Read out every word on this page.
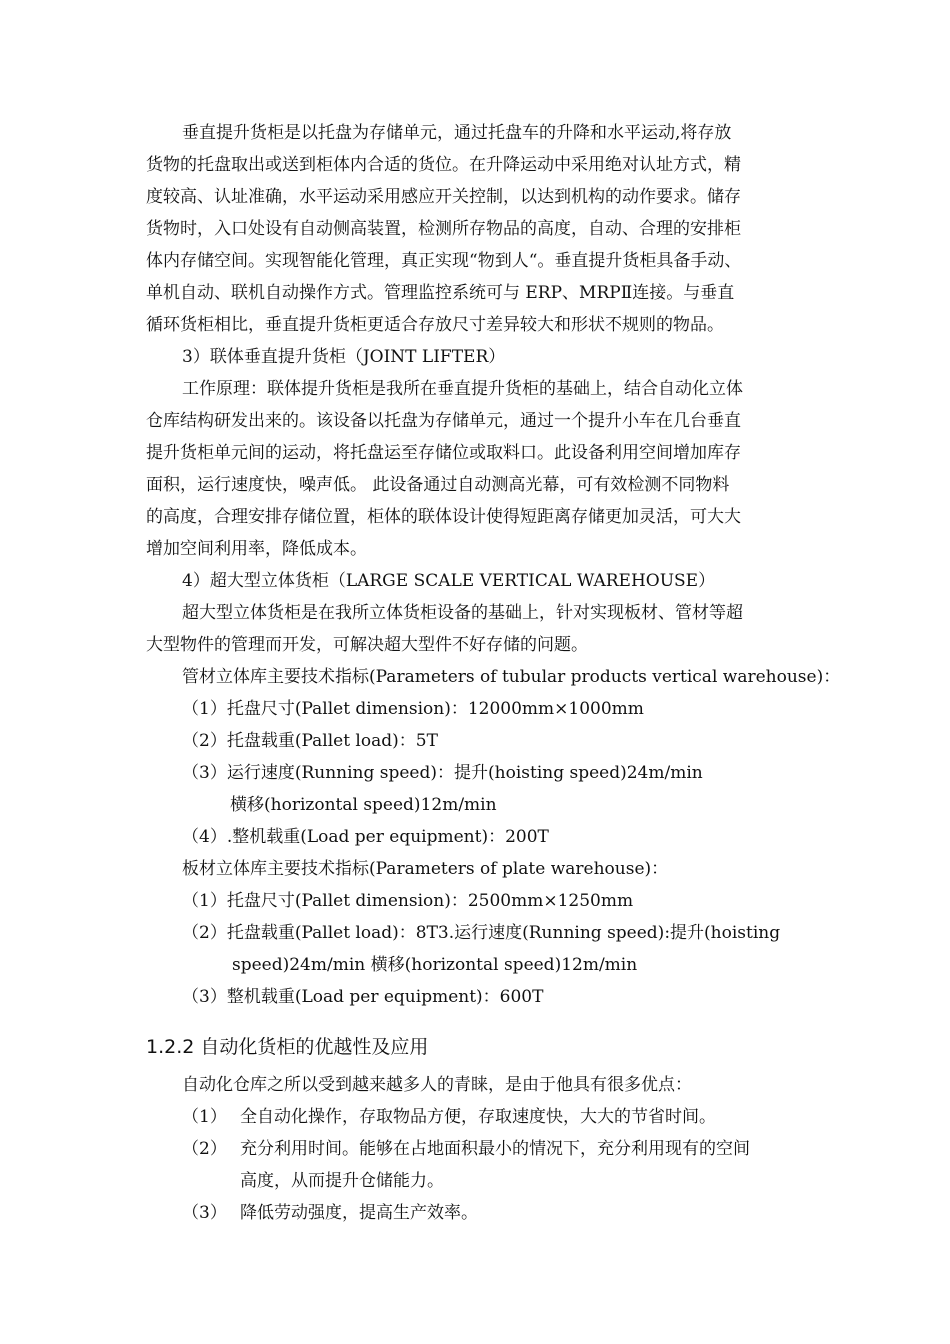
垂直提升货柜是以托盘为存储单元，通过托盘车的升降和水平运动,将存放
货物的托盘取出或送到柜体内合适的货位。在升降运动中采用绝对认址方式，精
度较高、认址准确，水平运动采用感应开关控制，以达到机构的动作要求。储存
货物时，入口处设有自动侧高装置，检测所存物品的高度，自动、合理的安排柜
体内存储空间。实现智能化管理，真正实现“物到人“。垂直提升货柜具备手动、
单机自动、联机自动操作方式。管理监控系统可与 ERP、MRPⅡ连接。与垂直
循环货柜相比，垂直提升货柜更适合存放尺寸差异较大和形状不规则的物品。
3）联体垂直提升货柜（JOINT LIFTER）
工作原理：联体提升货柜是我所在垂直提升货柜的基础上，结合自动化立体
仓库结构研发出来的。该设备以托盘为存储单元，通过一个提升小车在几台垂直
提升货柜单元间的运动，将托盘运至存储位或取料口。此设备利用空间增加库存
面积，运行速度快，噪声低。 此设备通过自动测高光幕，可有效检测不同物料
的高度，合理安排存储位置，柜体的联体设计使得短距离存储更加灵活，可大大
增加空间利用率，降低成本。
4）超大型立体货柜（LARGE SCALE VERTICAL WAREHOUSE）
超大型立体货柜是在我所立体货柜设备的基础上，针对实现板材、管材等超
大型物件的管理而开发，可解决超大型件不好存储的问题。
管材立体库主要技术指标(Parameters of tubular products vertical warehouse)：
（1）托盘尺寸(Pallet dimension)：12000mm×1000mm
（2）托盘载重(Pallet load)：5T
（3）运行速度(Running speed)：提升(hoisting speed)24m/min
横移(horizontal speed)12m/min
（4）.整机载重(Load per equipment)：200T
板材立体库主要技术指标(Parameters of plate warehouse)：
（1）托盘尺寸(Pallet dimension)：2500mm×1250mm
（2）托盘载重(Pallet load)：8T3.运行速度(Running speed):提升(hoisting
speed)24m/min 横移(horizontal speed)12m/min
（3）整机载重(Load per equipment)：600T
1.2.2 自动化货柜的优越性及应用
自动化仓库之所以受到越来越多人的青睐，是由于他具有很多优点：
（1） 全自动化操作，存取物品方便，存取速度快，大大的节省时间。
（2） 充分利用时间。能够在占地面积最小的情况下，充分利用现有的空间
高度，从而提升仓储能力。
（3） 降低劳动强度，提高生产效率。
